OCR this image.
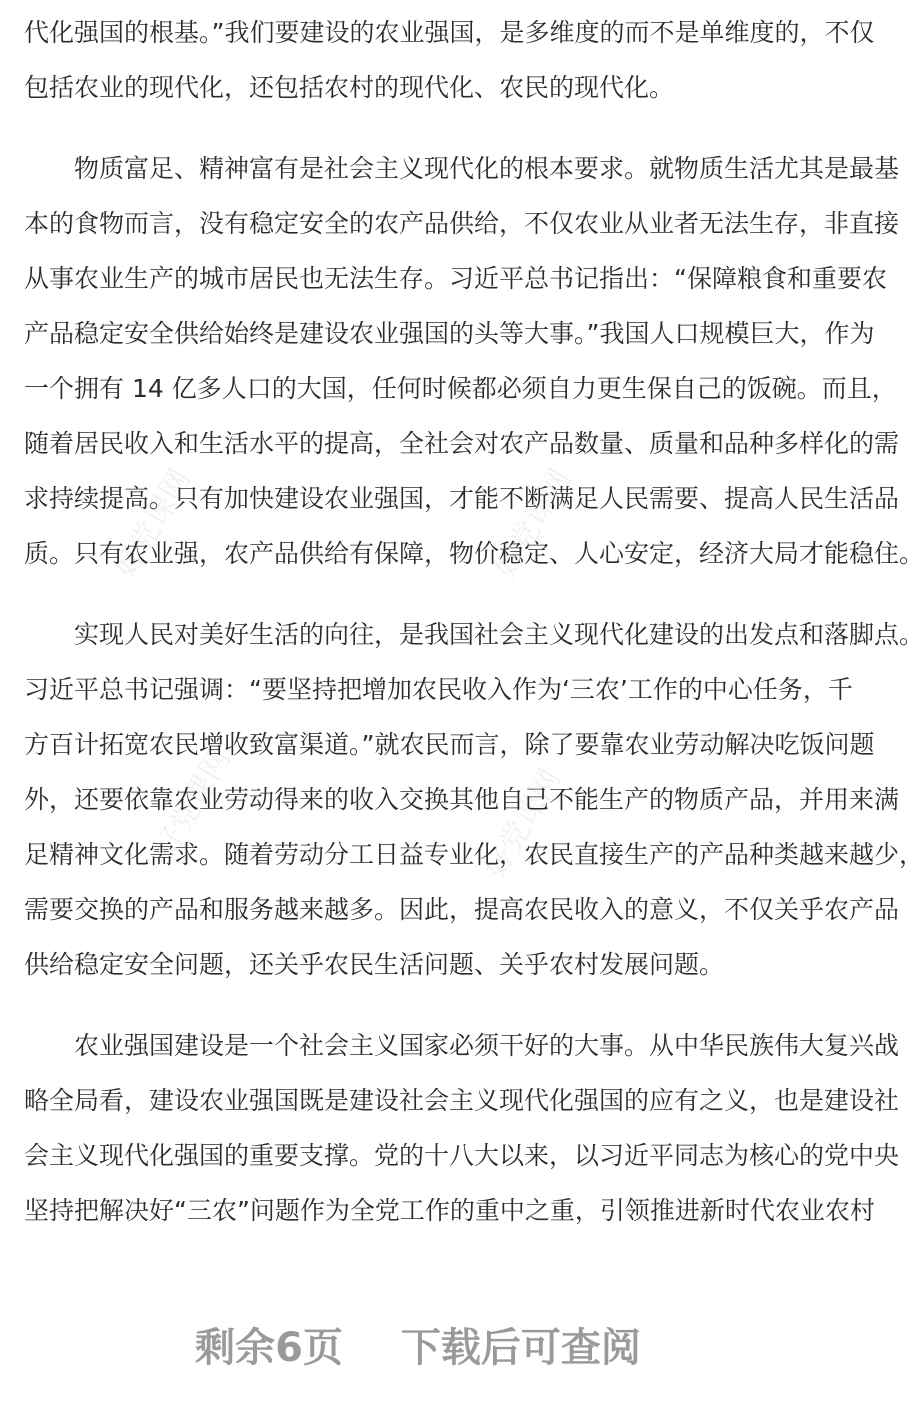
好党课网	好党课网
好党课网	好党课网
代化强国的根基。”我们要建设的农业强国，是多维度的而不是单维度的，不仅
包括农业的现代化，还包括农村的现代化、农民的现代化。
物质富足、精神富有是社会主义现代化的根本要求。就物质生活尤其是最基
本的食物而言，没有稳定安全的农产品供给，不仅农业从业者无法生存，非直接
从事农业生产的城市居民也无法生存。习近平总书记指出：“保障粮食和重要农
产品稳定安全供给始终是建设农业强国的头等大事。”我国人口规模巨大，作为
一个拥有 14 亿多人口的大国，任何时候都必须自力更生保自己的饭碗。而且，
随着居民收入和生活水平的提高，全社会对农产品数量、质量和品种多样化的需
求持续提高。只有加快建设农业强国，才能不断满足人民需要、提高人民生活品
质。只有农业强，农产品供给有保障，物价稳定、人心安定，经济大局才能稳住。
实现人民对美好生活的向往，是我国社会主义现代化建设的出发点和落脚点。
习近平总书记强调：“要坚持把增加农民收入作为‘三农’工作的中心任务，千
方百计拓宽农民增收致富渠道。”就农民而言，除了要靠农业劳动解决吃饭问题
外，还要依靠农业劳动得来的收入交换其他自己不能生产的物质产品，并用来满
足精神文化需求。随着劳动分工日益专业化，农民直接生产的产品种类越来越少，
需要交换的产品和服务越来越多。因此，提高农民收入的意义，不仅关乎农产品
供给稳定安全问题，还关乎农民生活问题、关乎农村发展问题。
农业强国建设是一个社会主义国家必须干好的大事。从中华民族伟大复兴战
略全局看，建设农业强国既是建设社会主义现代化强国的应有之义，也是建设社
会主义现代化强国的重要支撑。党的十八大以来，以习近平同志为核心的党中央
坚持把解决好“三农”问题作为全党工作的重中之重，引领推进新时代农业农村
剩余6页 下载后可查阅
